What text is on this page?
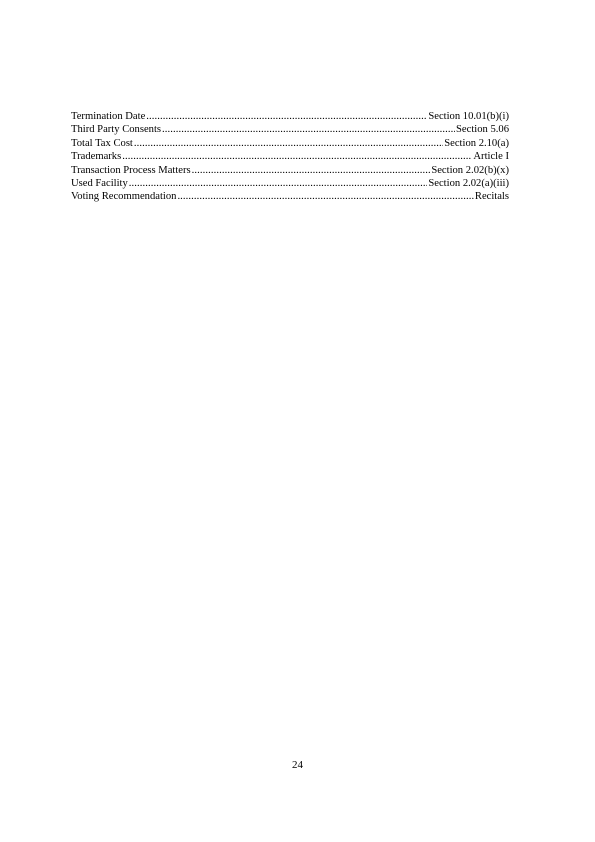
Termination Date .....	Section 10.01(b)(i)
Third Party Consents .....	Section 5.06
Total Tax Cost .....	Section 2.10(a)
Trademarks .....	Article I
Transaction Process Matters .....	Section 2.02(b)(x)
Used Facility .....	Section 2.02(a)(iii)
Voting Recommendation .....	Recitals
24
